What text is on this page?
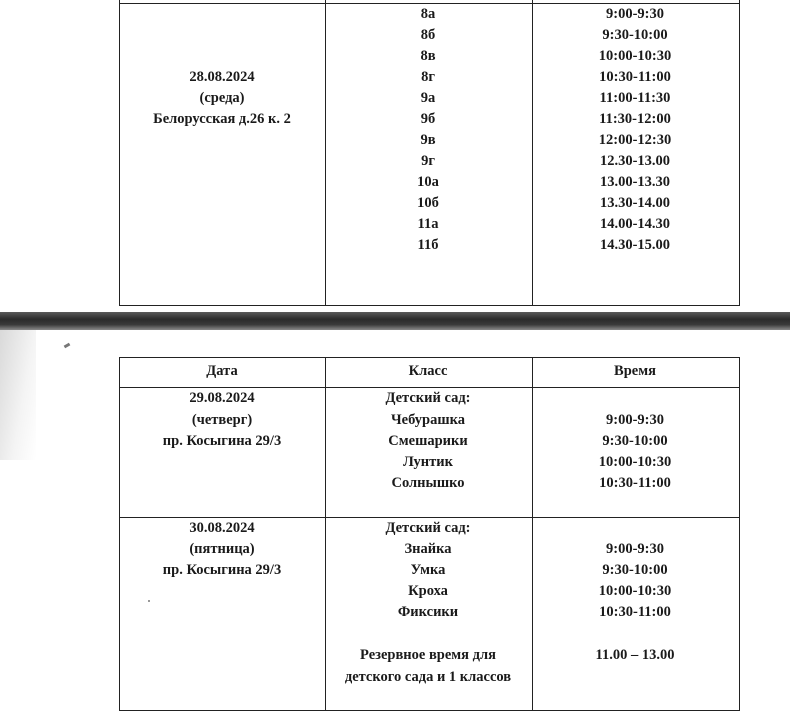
28.08.2024
(среда)
Белорусская д.26 к. 2
8а
8б
8в
8г
9а
9б
9в
9г
10а
10б
11а
11б
9:00-9:30
9:30-10:00
10:00-10:30
10:30-11:00
11:00-11:30
11:30-12:00
12:00-12:30
12.30-13.00
13.00-13.30
13.30-14.00
14.00-14.30
14.30-15.00
Дата	Класс	Время
29.08.2024
(четверг)
пр. Косыгина 29/3
Детский сад:
Чебурашка
Смешарики
Лунтик
Солнышко
9:00-9:30
9:30-10:00
10:00-10:30
10:30-11:00
30.08.2024
(пятница)
пр. Косыгина 29/3
Детский сад:
Знайка
Умка
Кроха
Фиксики
9:00-9:30
9:30-10:00
10:00-10:30
10:30-11:00
Резервное время для
детского сада и 1 классов
11.00 – 13.00
